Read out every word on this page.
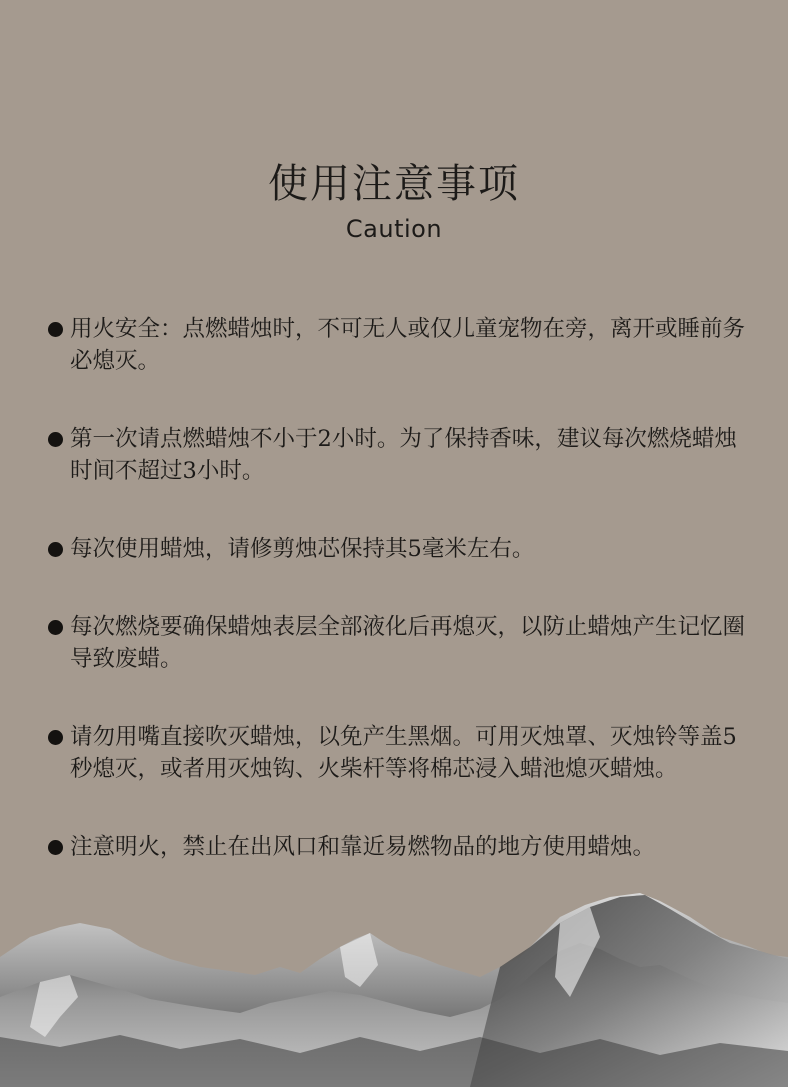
使用注意事项
Caution
用火安全：点燃蜡烛时，不可无人或仅儿童宠物在旁，离开或睡前务必熄灭。
第一次请点燃蜡烛不小于2小时。为了保持香味，建议每次燃烧蜡烛时间不超过3小时。
每次使用蜡烛，请修剪烛芯保持其5毫米左右。
每次燃烧要确保蜡烛表层全部液化后再熄灭，以防止蜡烛产生记忆圈导致废蜡。
请勿用嘴直接吹灭蜡烛，以免产生黑烟。可用灭烛罩、灭烛铃等盖5秒熄灭，或者用灭烛钩、火柴杆等将棉芯浸入蜡池熄灭蜡烛。
注意明火，禁止在出风口和靠近易燃物品的地方使用蜡烛。
